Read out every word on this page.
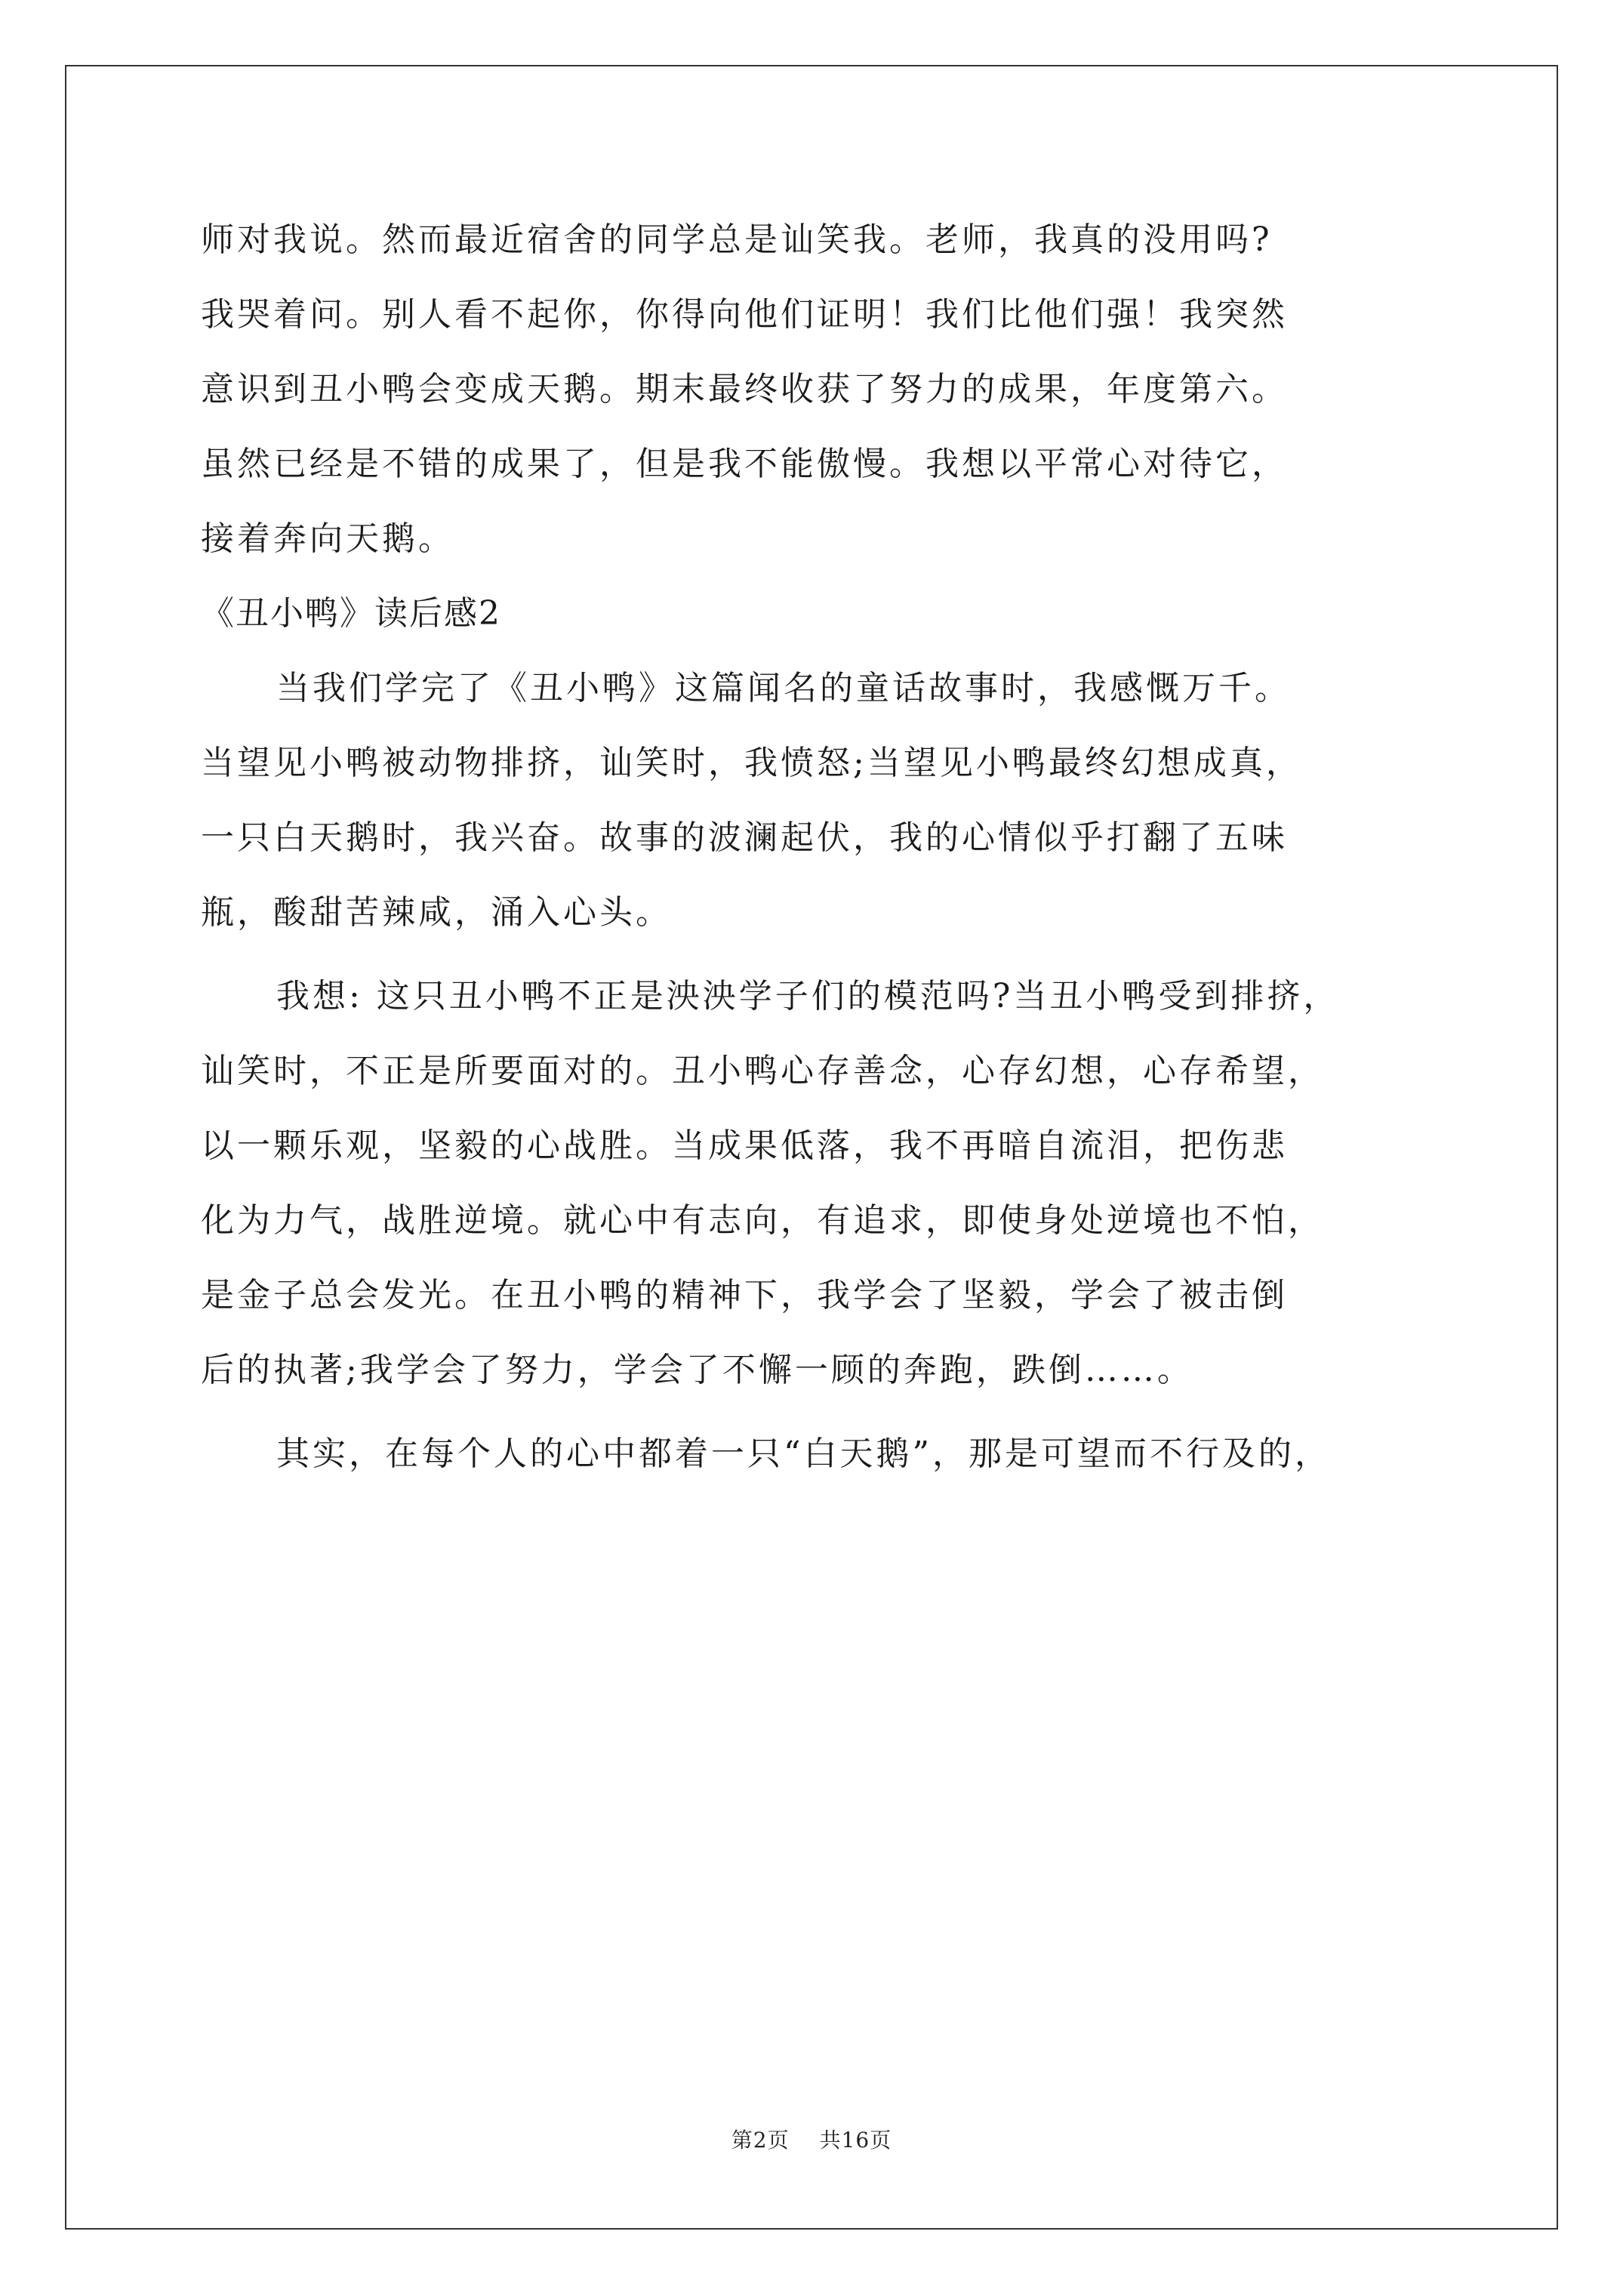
师对我说。然而最近宿舍的同学总是讪笑我。老师，我真的没用吗?
我哭着问。别人看不起你，你得向他们证明！我们比他们强！我突然
意识到丑小鸭会变成天鹅。期末最终收获了努力的成果，年度第六。
虽然已经是不错的成果了，但是我不能傲慢。我想以平常心对待它，
接着奔向天鹅。
《丑小鸭》读后感2
当我们学完了《丑小鸭》这篇闻名的童话故事时，我感慨万千。
当望见小鸭被动物排挤，讪笑时，我愤怒;当望见小鸭最终幻想成真，
一只白天鹅时，我兴奋。故事的波澜起伏，我的心情似乎打翻了五味
瓶，酸甜苦辣咸，涌入心头。
我想: 这只丑小鸭不正是泱泱学子们的模范吗?当丑小鸭受到排挤，
讪笑时，不正是所要面对的。丑小鸭心存善念，心存幻想，心存希望，
以一颗乐观，坚毅的心战胜。当成果低落，我不再暗自流泪，把伤悲
化为力气，战胜逆境。就心中有志向，有追求，即使身处逆境也不怕，
是金子总会发光。在丑小鸭的精神下，我学会了坚毅，学会了被击倒
后的执著;我学会了努力，学会了不懈一顾的奔跑，跌倒……。
其实，在每个人的心中都着一只“白天鹅”，那是可望而不行及的，
第2页 共16页
